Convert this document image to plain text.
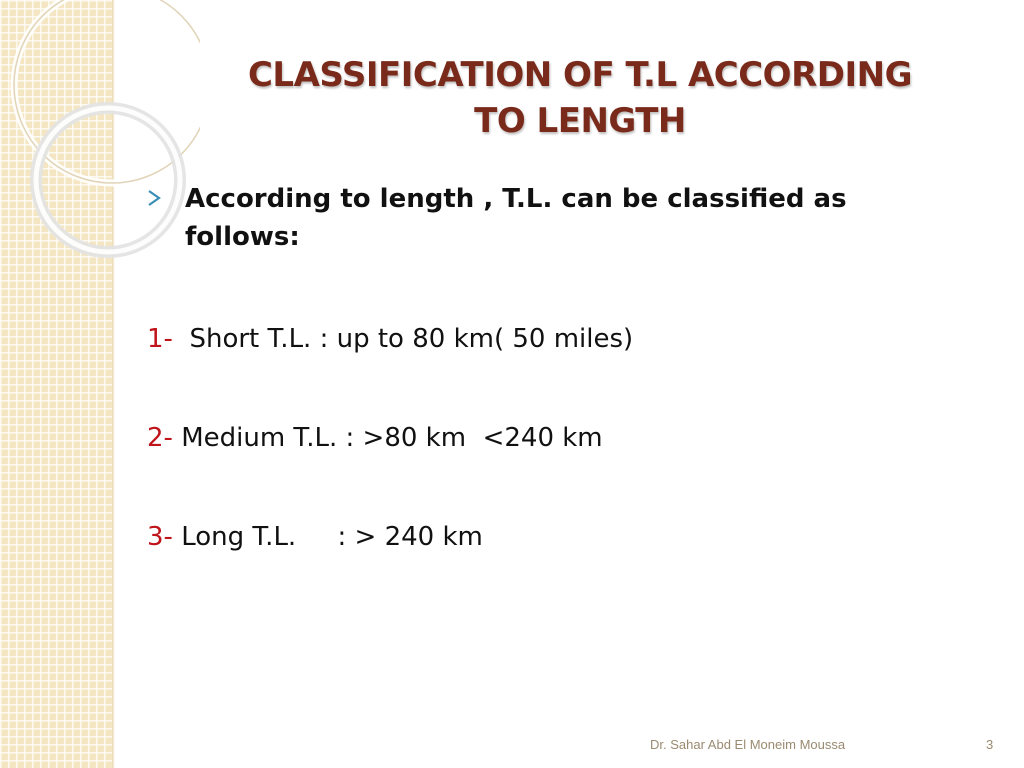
CLASSIFICATION OF T.L ACCORDING
TO LENGTH
According to length , T.L. can be classified as
follows:
1-  Short T.L. : up to 80 km( 50 miles)
2- Medium T.L. : >80 km  <240 km
3- Long T.L.     : > 240 km
Dr. Sahar Abd El Moneim Moussa	3
